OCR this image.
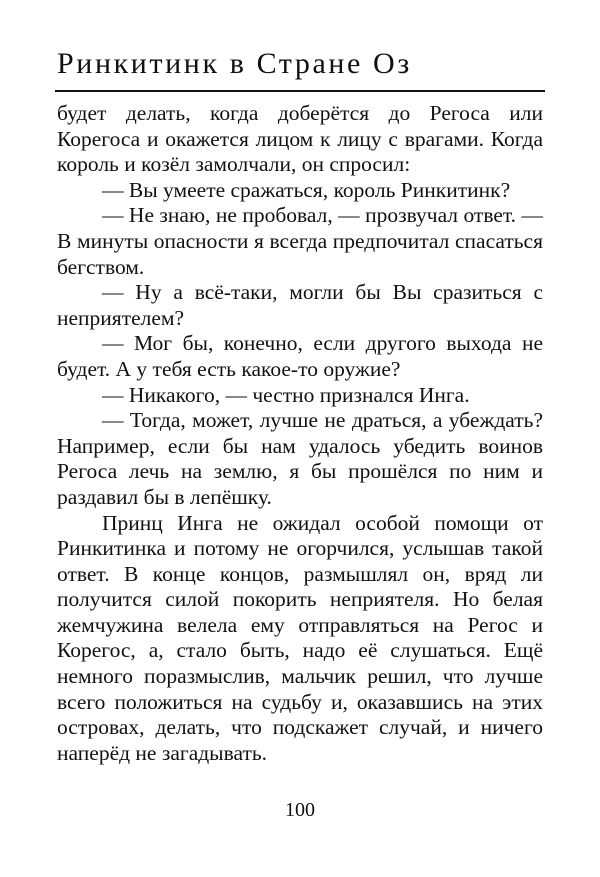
Ринкитинк в Стране Оз
будет делать, когда доберётся до Регоса или
Корегоса и окажется лицом к лицу с врагами. Когда
король и козёл замолчали, он спросил:
— Вы умеете сражаться, король Ринкитинк?
— Не знаю, не пробовал, — прозвучал ответ. —
В минуты опасности я всегда предпочитал спасаться
бегством.
— Ну а всё-таки, могли бы Вы сразиться с
неприятелем?
— Мог бы, конечно, если другого выхода не
будет. А у тебя есть какое-то оружие?
— Никакого, — честно признался Инга.
— Тогда, может, лучше не драться, а убеждать?
Например, если бы нам удалось убедить воинов
Регоса лечь на землю, я бы прошёлся по ним и
раздавил бы в лепёшку.
Принц Инга не ожидал особой помощи от
Ринкитинка и потому не огорчился, услышав такой
ответ. В конце концов, размышлял он, вряд ли
получится силой покорить неприятеля. Но белая
жемчужина велела ему отправляться на Регос и
Корегос, а, стало быть, надо её слушаться. Ещё
немного поразмыслив, мальчик решил, что лучше
всего положиться на судьбу и, оказавшись на этих
островах, делать, что подскажет случай, и ничего
наперёд не загадывать.
100
